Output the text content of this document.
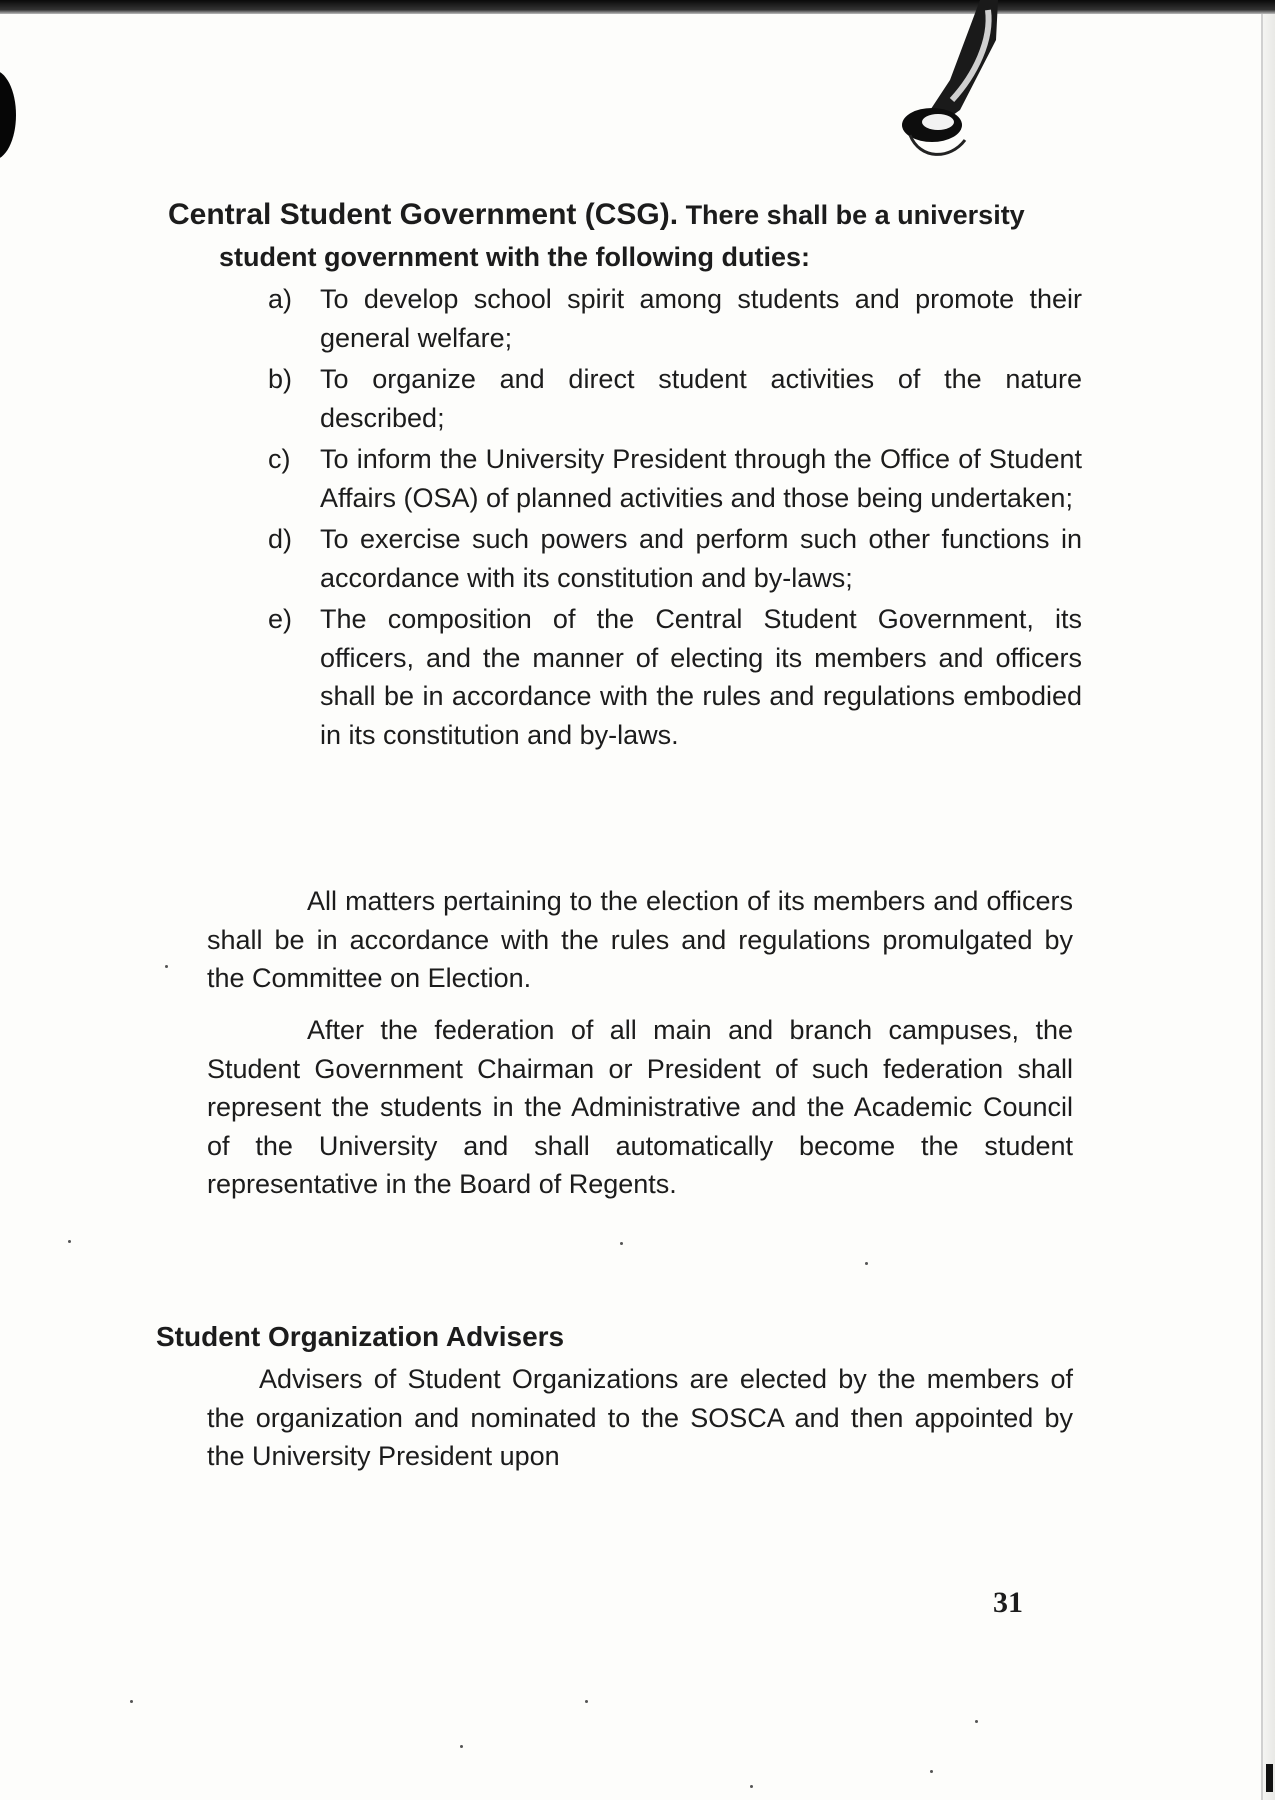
Central Student Government (CSG). There shall be a university

student government with the following duties:

a) To develop school spirit among students and promote their general welfare;
b) To organize and direct student activities of the nature described;
c) To inform the University President through the Office of Student Affairs (OSA) of planned activities and those being undertaken;
d) To exercise such powers and perform such other functions in accordance with its constitution and by-laws;
e) The composition of the Central Student Government, its officers, and the manner of electing its members and officers shall be in accordance with the rules and regulations embodied in its constitution and by-laws.

All matters pertaining to the election of its members and officers shall be in accordance with the rules and regulations promulgated by the Committee on Election.

After the federation of all main and branch campuses, the Student Government Chairman or President of such federation shall represent the students in the Administrative and the Academic Council of the University and shall automatically become the student representative in the Board of Regents.

Student Organization Advisers

Advisers of Student Organizations are elected by the members of the organization and nominated to the SOSCA and then appointed by the University President upon

31
